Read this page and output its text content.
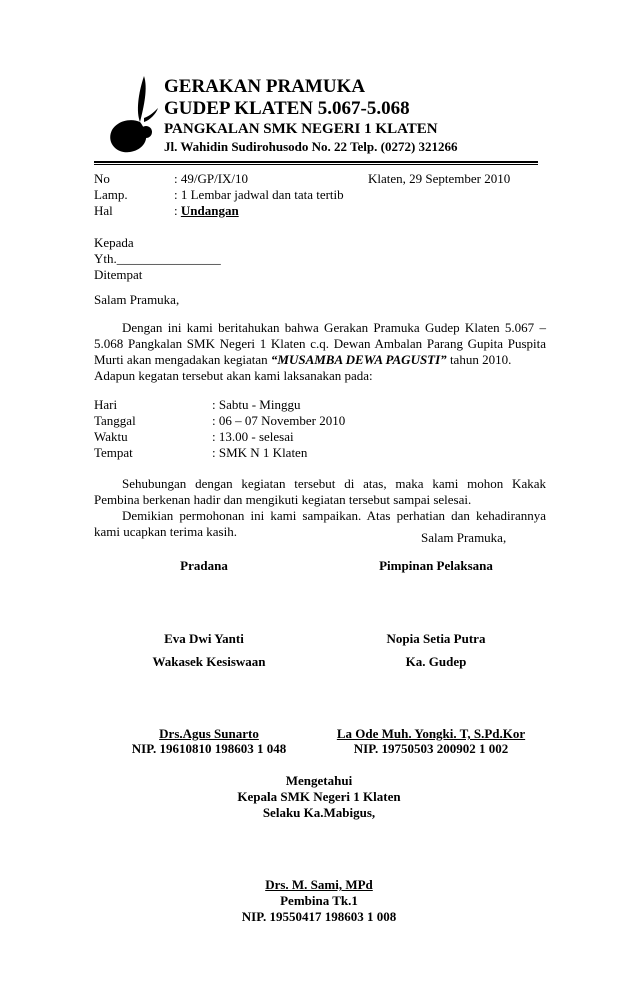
GERAKAN PRAMUKA
GUDEP KLATEN 5.067-5.068
PANGKALAN SMK NEGERI 1 KLATEN
Jl. Wahidin Sudirohusodo No. 22 Telp. (0272) 321266
No	: 49/GP/IX/10	Klaten, 29 September 2010
Lamp.	: 1 Lembar jadwal dan tata tertib
Hal	: Undangan
Kepada
Yth.________________
Ditempat
Salam Pramuka,
Dengan ini kami beritahukan bahwa Gerakan Pramuka Gudep Klaten 5.067 –
5.068 Pangkalan SMK Negeri 1 Klaten c.q. Dewan Ambalan Parang Gupita Puspita
Murti akan mengadakan kegiatan “MUSAMBA DEWA PAGUSTI” tahun 2010.
Adapun kegatan tersebut akan kami laksanakan pada:
Hari	: Sabtu - Minggu
Tanggal	: 06 – 07 November 2010
Waktu	: 13.00 - selesai
Tempat	: SMK N 1 Klaten
Sehubungan dengan kegiatan tersebut di atas, maka kami mohon Kakak
Pembina berkenan hadir dan mengikuti kegiatan tersebut sampai selesai.
Demikian permohonan ini kami sampaikan. Atas perhatian dan kehadirannya
kami ucapkan terima kasih.	Salam Pramuka,
Pradana	Pimpinan Pelaksana
Eva Dwi Yanti	Nopia Setia Putra
Wakasek Kesiswaan	Ka. Gudep
Drs.Agus Sunarto
NIP. 19610810 198603 1 048
La Ode Muh. Yongki. T, S.Pd.Kor
NIP. 19750503 200902 1 002
Mengetahui
Kepala SMK Negeri 1 Klaten
Selaku Ka.Mabigus,
Drs. M. Sami, MPd
Pembina Tk.1
NIP. 19550417 198603 1 008
